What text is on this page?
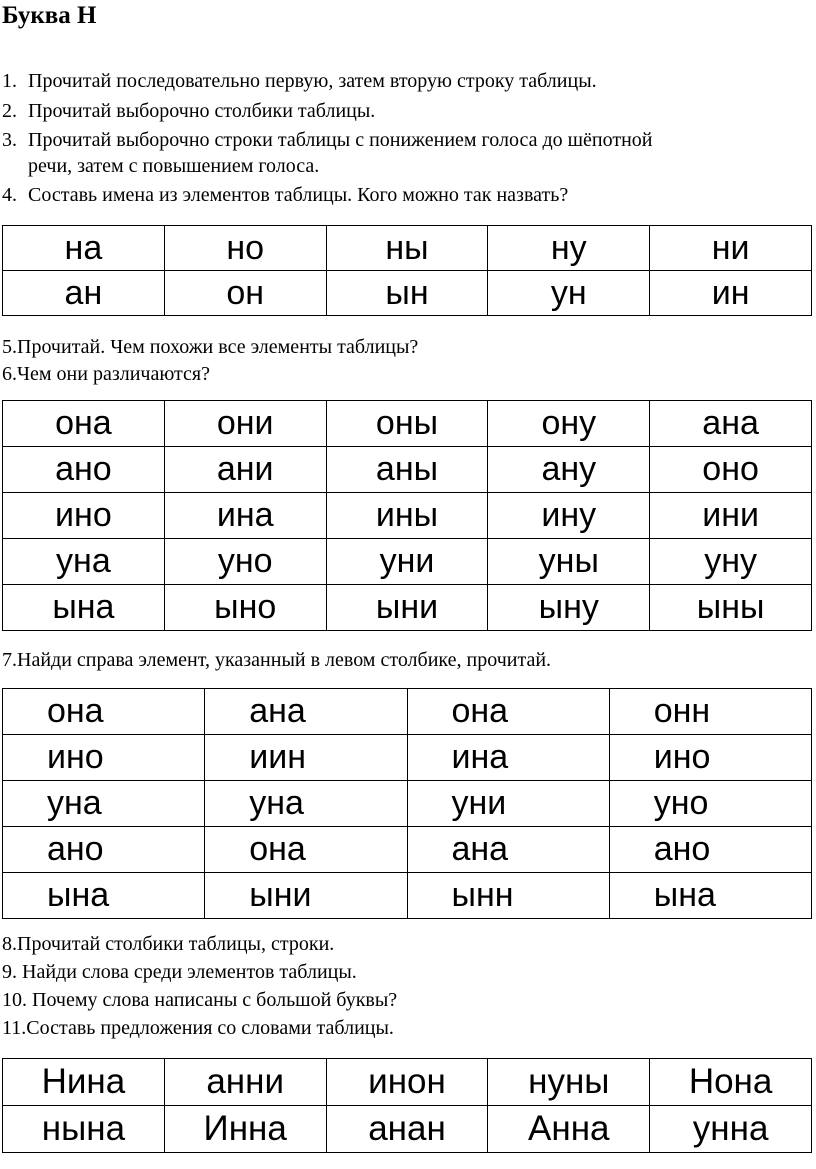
Буква Н
1. Прочитай последовательно первую, затем вторую строку таблицы.
2. Прочитай выборочно столбики таблицы.
3. Прочитай выборочно строки таблицы с понижением голоса до шёпотной
речи, затем с повышением голоса.
4. Составь имена из элементов таблицы. Кого можно так назвать?
на	но	ны	ну	ни
ан	он	ын	ун	ин
5.Прочитай. Чем похожи все элементы таблицы?
6.Чем они различаются?
она	они	оны	ону	ана
ано	ани	аны	ану	оно
ино	ина	ины	ину	ини
уна	уно	уни	уны	уну
ына	ыно	ыни	ыну	ыны
7.Найди справа элемент, указанный в левом столбике, прочитай.
она	ана	она	онн
ино	иин	ина	ино
уна	уна	уни	уно
ано	она	ана	ано
ына	ыни	ынн	ына
8.Прочитай столбики таблицы, строки.
9. Найди слова среди элементов таблицы.
10. Почему слова написаны с большой буквы?
11.Составь предложения со словами таблицы.
Нина	анни	инон	нуны	Нона
нына	Инна	анан	Анна	унна
